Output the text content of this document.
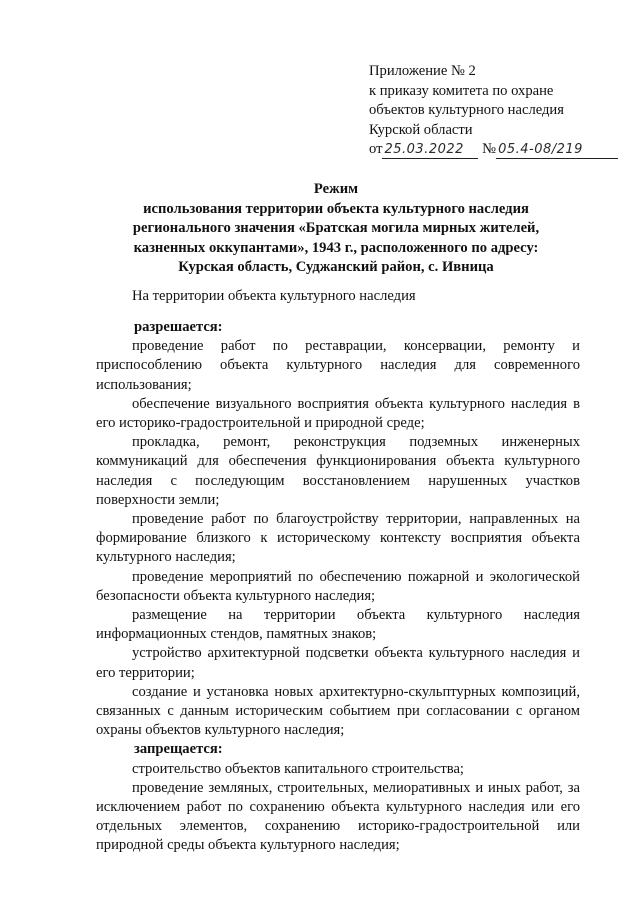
Приложение № 2
к приказу комитета по охране
объектов культурного наследия
Курской области
от 25.03.2022 № 05.4-08/219
Режим
использования территории объекта культурного наследия
регионального значения «Братская могила мирных жителей,
казненных оккупантами», 1943 г., расположенного по адресу:
Курская область, Суджанский район, с. Ивница
На территории объекта культурного наследия

разрешается:

проведение работ по реставрации, консервации, ремонту и приспособлению объекта культурного наследия для современного использования;

обеспечение визуального восприятия объекта культурного наследия в его историко-градостроительной и природной среде;

прокладка, ремонт, реконструкция подземных инженерных коммуникаций для обеспечения функционирования объекта культурного наследия с последующим восстановлением нарушенных участков поверхности земли;

проведение работ по благоустройству территории, направленных на формирование близкого к историческому контексту восприятия объекта культурного наследия;

проведение мероприятий по обеспечению пожарной и экологической безопасности объекта культурного наследия;

размещение на территории объекта культурного наследия информационных стендов, памятных знаков;

устройство архитектурной подсветки объекта культурного наследия и его территории;

создание и установка новых архитектурно-скульптурных композиций, связанных с данным историческим событием при согласовании с органом охраны объектов культурного наследия;

запрещается:

строительство объектов капитального строительства;

проведение земляных, строительных, мелиоративных и иных работ, за исключением работ по сохранению объекта культурного наследия или его отдельных элементов, сохранению историко-градостроительной или природной среды объекта культурного наследия;
